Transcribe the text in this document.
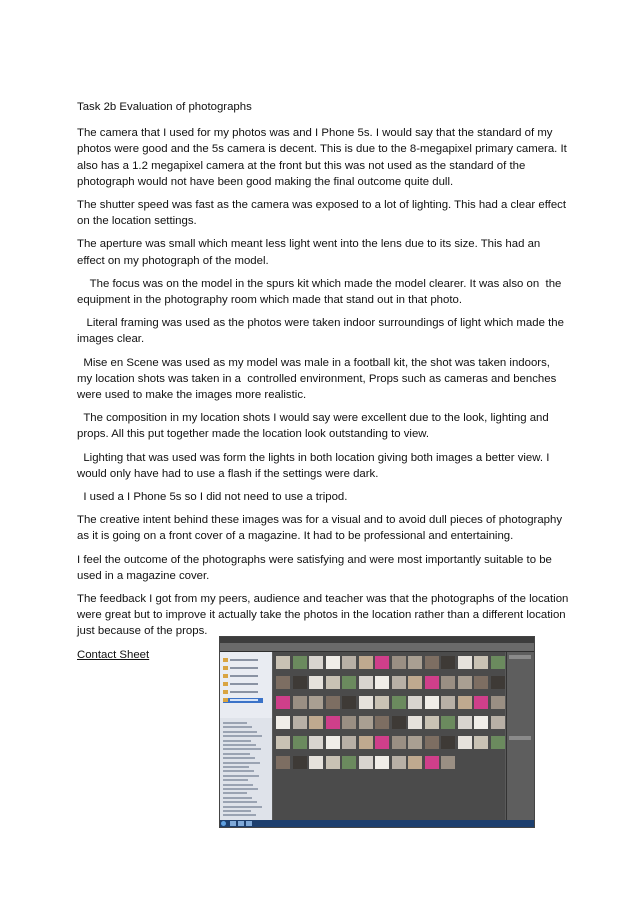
Task 2b Evaluation of photographs

The camera that I used for my photos was and I Phone 5s. I would say that the standard of my photos were good and the 5s camera is decent. This is due to the 8-megapixel primary camera. It also has a 1.2 megapixel camera at the front but this was not used as the standard of the photograph would not have been good making the final outcome quite dull.

The shutter speed was fast as the camera was exposed to a lot of lighting. This had a clear effect on the location settings.

The aperture was small which meant less light went into the lens due to its size. This had an effect on my photograph of the model.

The focus was on the model in the spurs kit which made the model clearer. It was also on  the equipment in the photography room which made that stand out in that photo.

Literal framing was used as the photos were taken indoor surroundings of light which made the images clear.

Mise en Scene was used as my model was male in a football kit, the shot was taken indoors, my location shots was taken in a  controlled environment, Props such as cameras and benches were used to make the images more realistic.

The composition in my location shots I would say were excellent due to the look, lighting and props. All this put together made the location look outstanding to view.

Lighting that was used was form the lights in both location giving both images a better view. I would only have had to use a flash if the settings were dark.

I used a I Phone 5s so I did not need to use a tripod.

The creative intent behind these images was for a visual and to avoid dull pieces of photography as it is going on a front cover of a magazine. It had to be professional and entertaining.

I feel the outcome of the photographs were satisfying and were most importantly suitable to be used in a magazine cover.

The feedback I got from my peers, audience and teacher was that the photographs of the location were great but to improve it actually take the photos in the location rather than a different location just because of the props.

Contact Sheet
